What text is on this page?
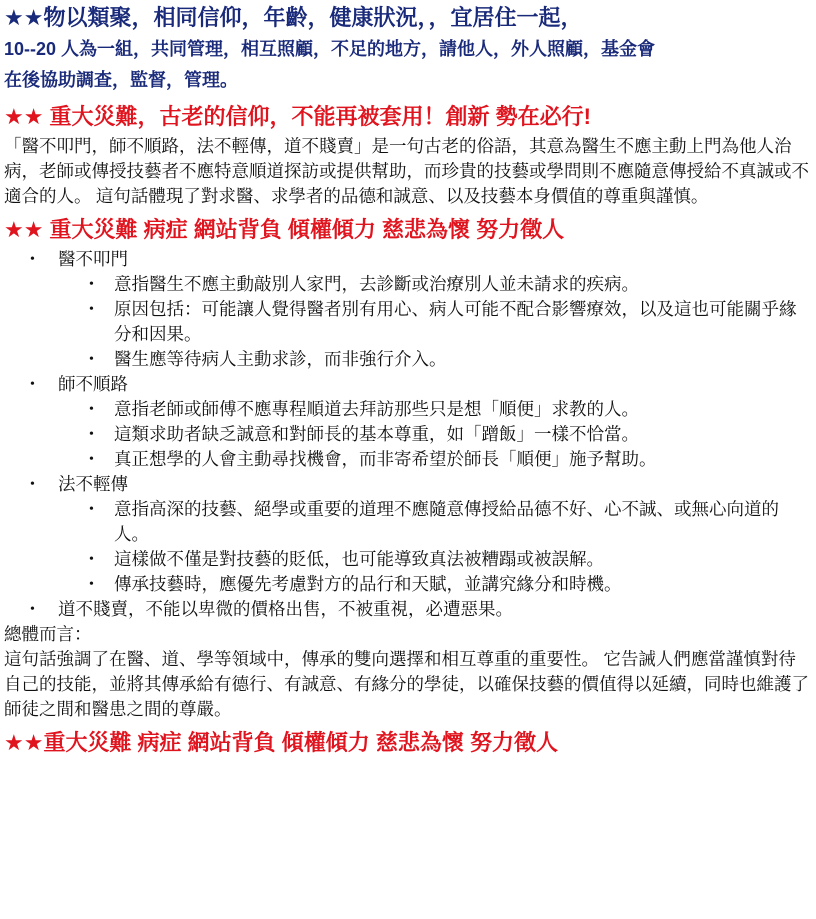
★★物以類聚，相同信仰，年齡，健康狀況，，宜居住一起，

10--20 人為一組，共同管理，相互照顧，不足的地方，請他人，外人照顧，基金會

在後協助調查，監督，管理。

★★ 重大災難，古老的信仰，不能再被套用！創新 勢在必行!

「醫不叩門，師不順路，法不輕傳，道不賤賣」是一句古老的俗語，其意為醫生不應主動上門為他人治病，老師或傳授技藝者不應特意順道探訪或提供幫助，而珍貴的技藝或學問則不應隨意傳授給不真誠或不適合的人。 這句話體現了對求醫、求學者的品德和誠意、以及技藝本身價值的尊重與謹慎。

★★ 重大災難 病症 網站背負 傾權傾力 慈悲為懷 努力徵人

• 醫不叩門
• 意指醫生不應主動敲別人家門，去診斷或治療別人並未請求的疾病。
• 原因包括：可能讓人覺得醫者別有用心、病人可能不配合影響療效，以及這也可能關乎緣分和因果。
• 醫生應等待病人主動求診，而非強行介入。
• 師不順路
• 意指老師或師傅不應專程順道去拜訪那些只是想「順便」求教的人。
• 這類求助者缺乏誠意和對師長的基本尊重，如「蹭飯」一樣不恰當。
• 真正想學的人會主動尋找機會，而非寄希望於師長「順便」施予幫助。
• 法不輕傳
• 意指高深的技藝、絕學或重要的道理不應隨意傳授給品德不好、心不誠、或無心向道的人。
• 這樣做不僅是對技藝的貶低，也可能導致真法被糟蹋或被誤解。
• 傳承技藝時，應優先考慮對方的品行和天賦，並講究緣分和時機。
• 道不賤賣，不能以卑微的價格出售，不被重視，必遭惡果。

總體而言：

這句話強調了在醫、道、學等領域中，傳承的雙向選擇和相互尊重的重要性。 它告誡人們應當謹慎對待自己的技能，並將其傳承給有德行、有誠意、有緣分的學徒，以確保技藝的價值得以延續，同時也維護了師徒之間和醫患之間的尊嚴。

★★重大災難 病症 網站背負 傾權傾力 慈悲為懷 努力徵人
